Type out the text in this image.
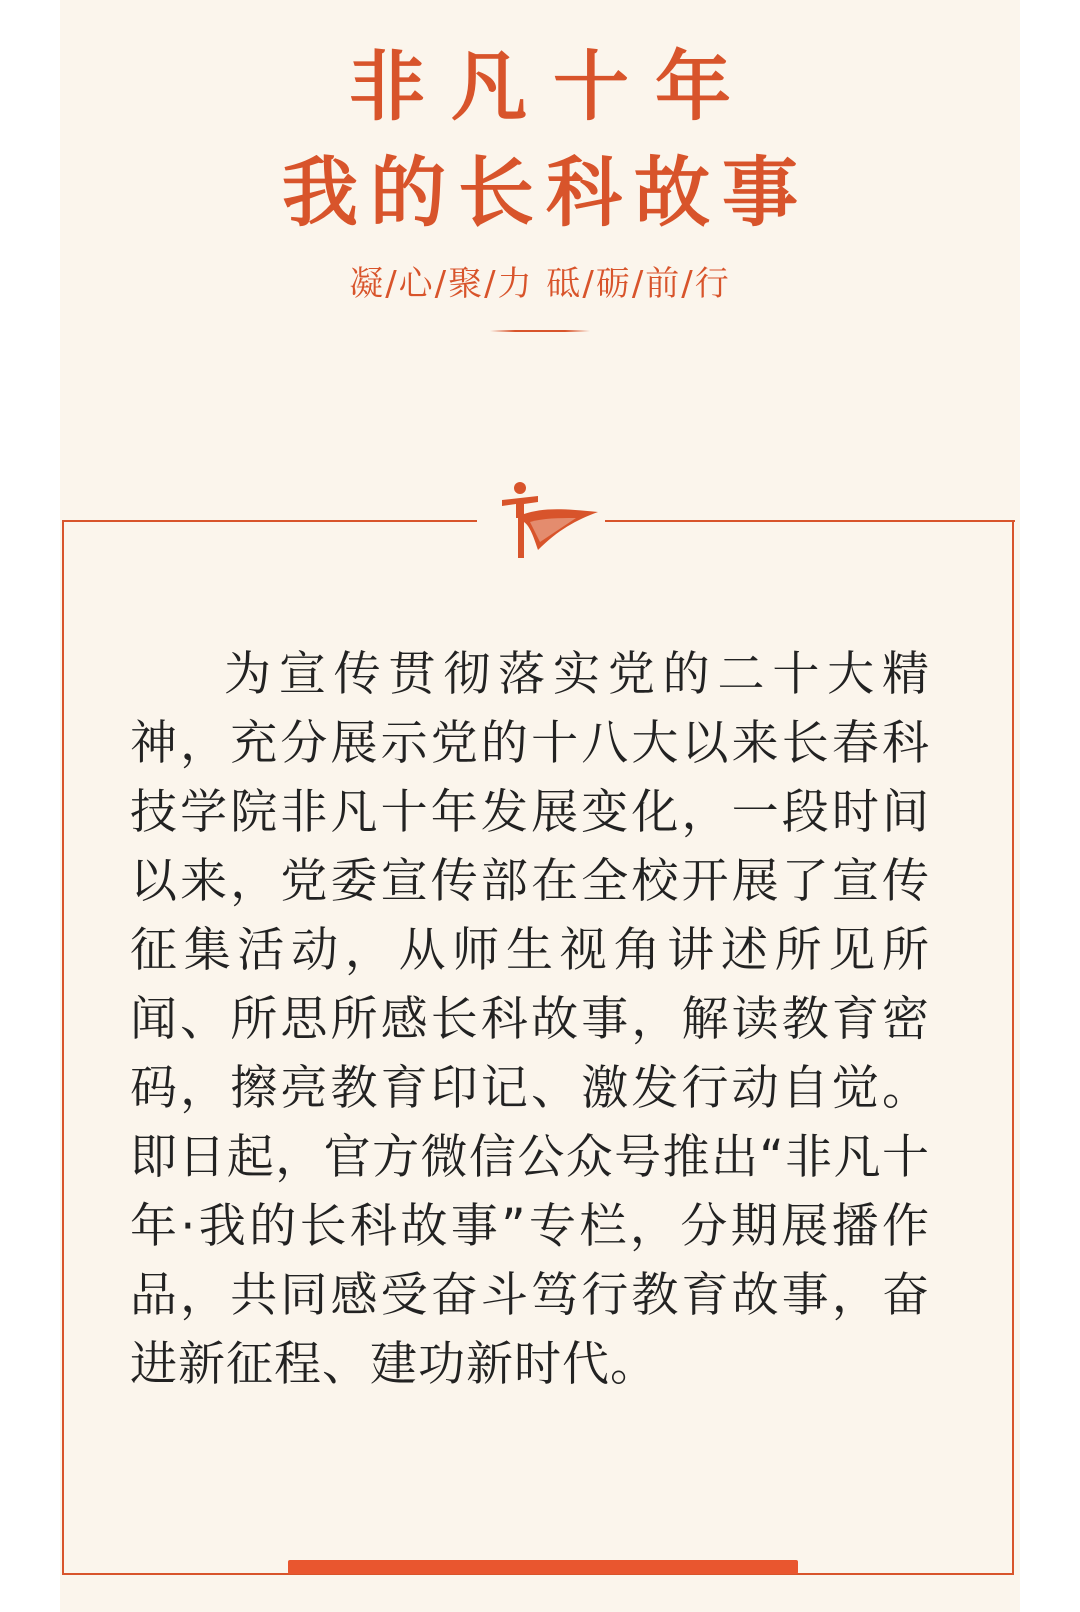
非凡十年
我的长科故事

凝/心/聚/力 砥/砺/前/行

为宣传贯彻落实党的二十大精神，充分展示党的十八大以来长春科技学院非凡十年发展变化，一段时间以来，党委宣传部在全校开展了宣传征集活动，从师生视角讲述所见所闻、所思所感长科故事，解读教育密码，擦亮教育印记、激发行动自觉。即日起，官方微信公众号推出“非凡十年·我的长科故事”专栏，分期展播作品，共同感受奋斗笃行教育故事，奋进新征程、建功新时代。
